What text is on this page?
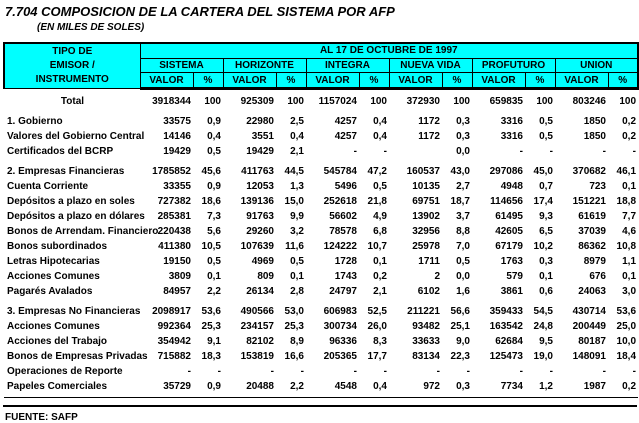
7.704 COMPOSICION DE LA CARTERA DEL SISTEMA POR AFP
(EN MILES DE SOLES)
TIPO DE
EMISOR /
INSTRUMENTO	AL 17 DE OCTUBRE DE 1997											
	SISTEMA		HORIZONTE		INTEGRA		NUEVA VIDA		PROFUTURO		UNION	
	VALOR	%	VALOR	%	VALOR	%	VALOR	%	VALOR	%	VALOR	%
Total	3918344	100	925309	100	1157024	100	372930	100	659835	100	803246	100
1. Gobierno	33575	0,9	22980	2,5	4257	0,4	1172	0,3	3316	0,5	1850	0,2
Valores del Gobierno Central	14146	0,4	3551	0,4	4257	0,4	1172	0,3	3316	0,5	1850	0,2
Certificados del BCRP	19429	0,5	19429	2,1	-	-		0,0	-	-	-	-
2. Empresas Financieras	1785852	45,6	411763	44,5	545784	47,2	160537	43,0	297086	45,0	370682	46,1
Cuenta Corriente	33355	0,9	12053	1,3	5496	0,5	10135	2,7	4948	0,7	723	0,1
Depósitos a plazo en soles	727382	18,6	139136	15,0	252618	21,8	69751	18,7	114656	17,4	151221	18,8
Depósitos a plazo en dólares	285381	7,3	91763	9,9	56602	4,9	13902	3,7	61495	9,3	61619	7,7
Bonos de Arrendam. Financiero	220438	5,6	29260	3,2	78578	6,8	32956	8,8	42605	6,5	37039	4,6
Bonos subordinados	411380	10,5	107639	11,6	124222	10,7	25978	7,0	67179	10,2	86362	10,8
Letras Hipotecarias	19150	0,5	4969	0,5	1728	0,1	1711	0,5	1763	0,3	8979	1,1
Acciones Comunes	3809	0,1	809	0,1	1743	0,2	2	0,0	579	0,1	676	0,1
Pagarés Avalados	84957	2,2	26134	2,8	24797	2,1	6102	1,6	3861	0,6	24063	3,0
3. Empresas No Financieras	2098917	53,6	490566	53,0	606983	52,5	211221	56,6	359433	54,5	430714	53,6
Acciones Comunes	992364	25,3	234157	25,3	300734	26,0	93482	25,1	163542	24,8	200449	25,0
Acciones del Trabajo	354942	9,1	82102	8,9	96336	8,3	33633	9,0	62684	9,5	80187	10,0
Bonos de Empresas Privadas	715882	18,3	153819	16,6	205365	17,7	83134	22,3	125473	19,0	148091	18,4
Operaciones de Reporte	-	-	-	-	-	-	-	-	-	-	-	-
Papeles Comerciales	35729	0,9	20488	2,2	4548	0,4	972	0,3	7734	1,2	1987	0,2
FUENTE: SAFP
